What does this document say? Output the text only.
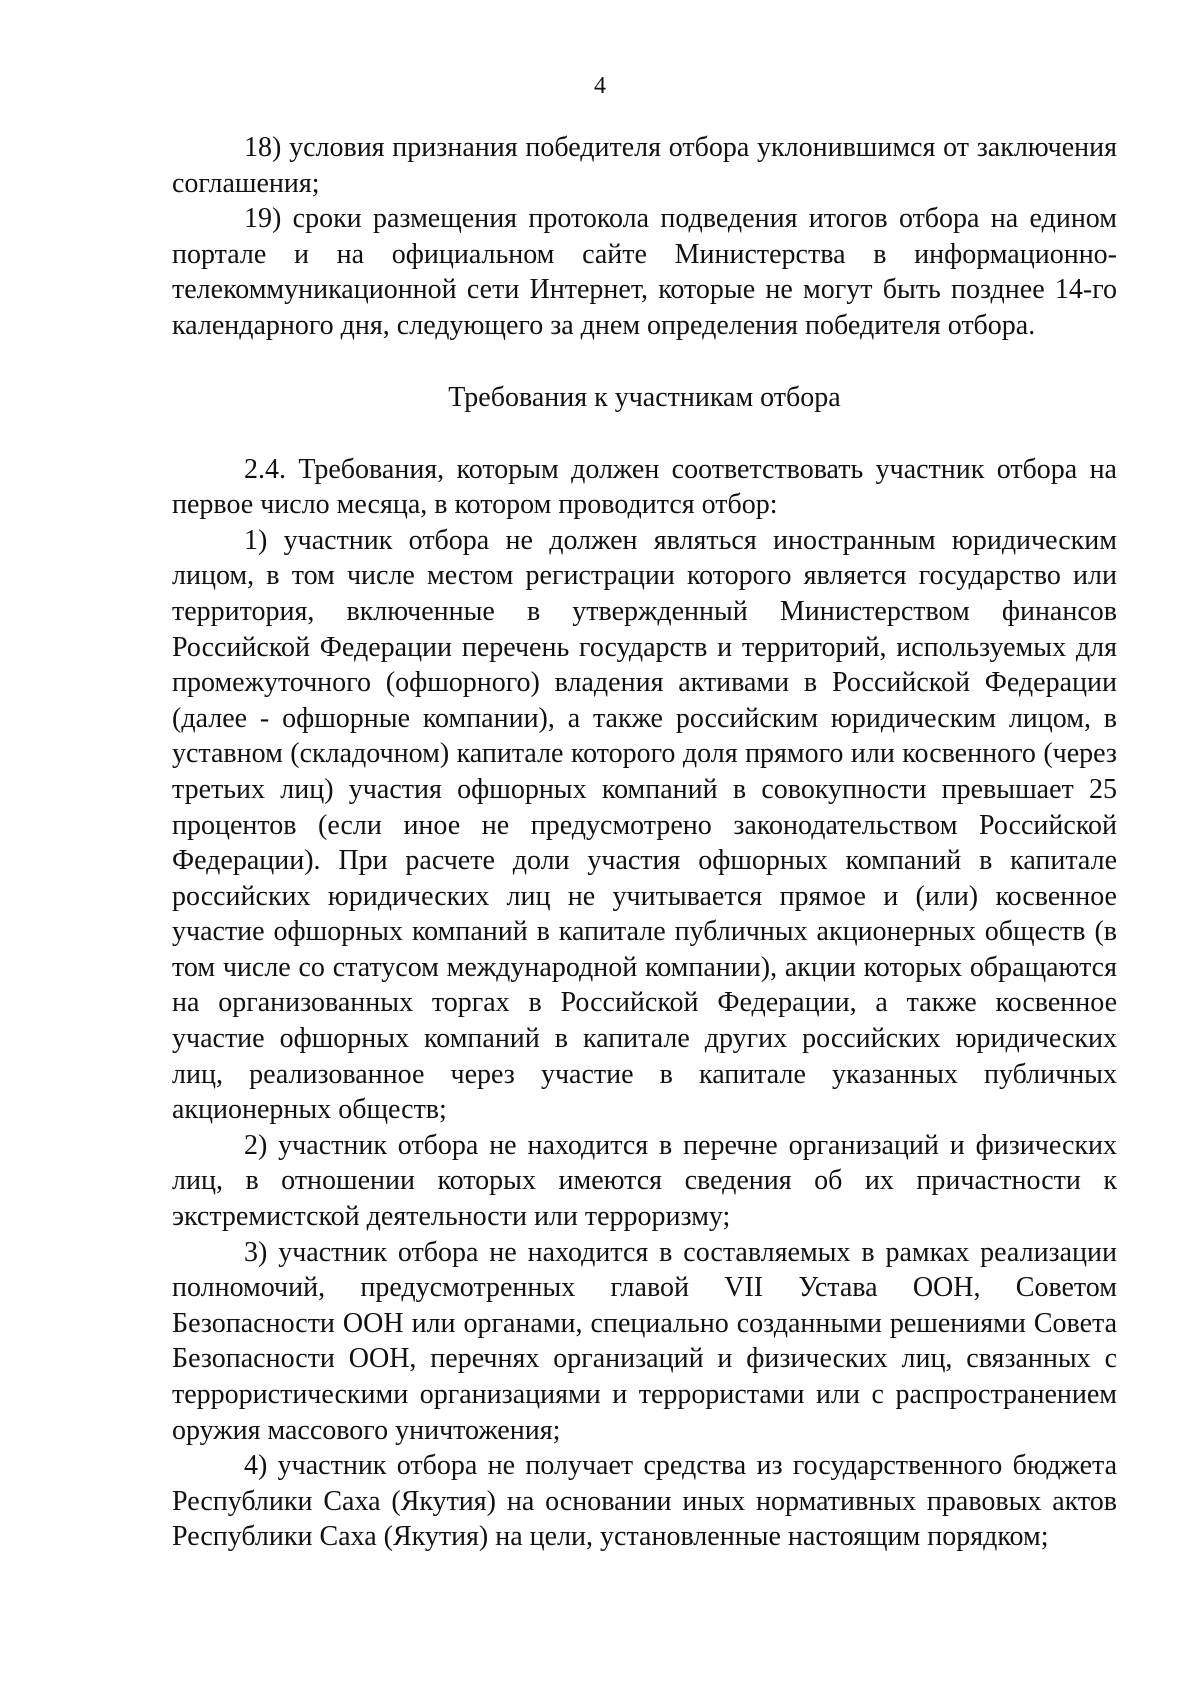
4

18) условия признания победителя отбора уклонившимся от заключения соглашения;

19) сроки размещения протокола подведения итогов отбора на едином портале и на официальном сайте Министерства в информационно-телекоммуникационной сети Интернет, которые не могут быть позднее 14-го календарного дня, следующего за днем определения победителя отбора.

Требования к участникам отбора

2.4. Требования, которым должен соответствовать участник отбора на первое число месяца, в котором проводится отбор:

1) участник отбора не должен являться иностранным юридическим лицом, в том числе местом регистрации которого является государство или территория, включенные в утвержденный Министерством финансов Российской Федерации перечень государств и территорий, используемых для промежуточного (офшорного) владения активами в Российской Федерации (далее - офшорные компании), а также российским юридическим лицом, в уставном (складочном) капитале которого доля прямого или косвенного (через третьих лиц) участия офшорных компаний в совокупности превышает 25 процентов (если иное не предусмотрено законодательством Российской Федерации). При расчете доли участия офшорных компаний в капитале российских юридических лиц не учитывается прямое и (или) косвенное участие офшорных компаний в капитале публичных акционерных обществ (в том числе со статусом международной компании), акции которых обращаются на организованных торгах в Российской Федерации, а также косвенное участие офшорных компаний в капитале других российских юридических лиц, реализованное через участие в капитале указанных публичных акционерных обществ;

2) участник отбора не находится в перечне организаций и физических лиц, в отношении которых имеются сведения об их причастности к экстремистской деятельности или терроризму;

3) участник отбора не находится в составляемых в рамках реализации полномочий, предусмотренных главой VII Устава ООН, Советом Безопасности ООН или органами, специально созданными решениями Совета Безопасности ООН, перечнях организаций и физических лиц, связанных с террористическими организациями и террористами или с распространением оружия массового уничтожения;

4) участник отбора не получает средства из государственного бюджета Республики Саха (Якутия) на основании иных нормативных правовых актов Республики Саха (Якутия) на цели, установленные настоящим порядком;
